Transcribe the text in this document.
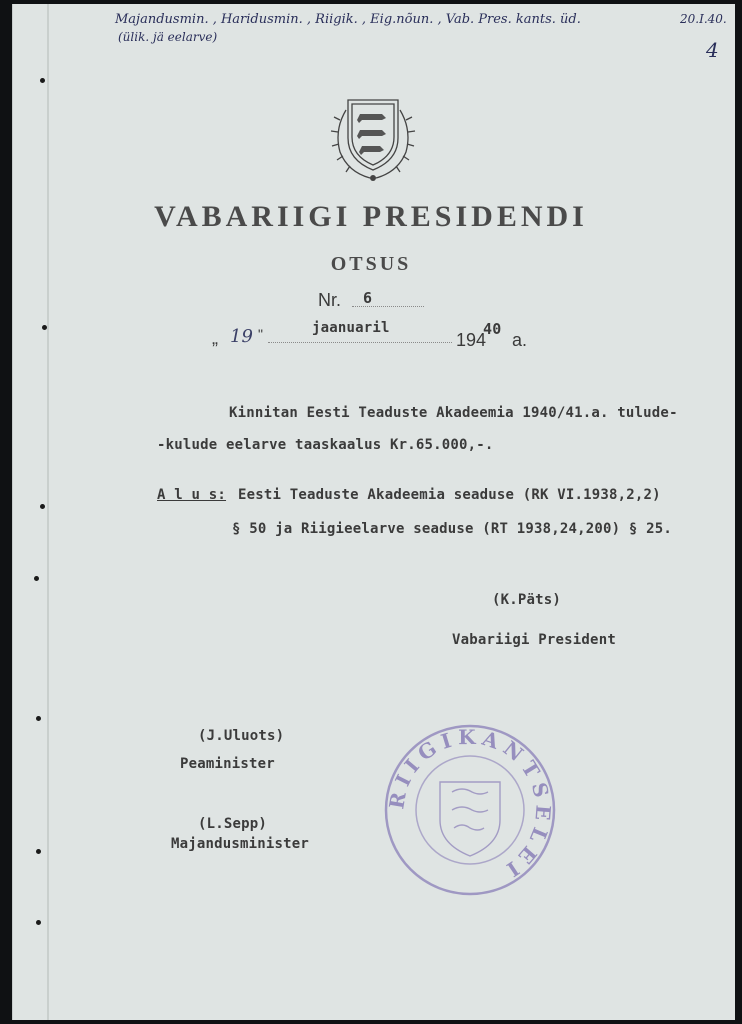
Majandusmin. , Haridusmin. , Riigik. , Eig.nõun. , Vab. Pres. kants. üd.
(ülik. jä eelarve)
20.I.40.
4
VABARIIGI PRESIDENDI
OTSUS
Nr. 6
„ 19 "	jaanuaril
194
40
a.
Kinnitan Eesti Teaduste Akadeemia 1940/41.a. tulude-
-kulude eelarve taaskaalus Kr.65.000,-.
A l u s: Eesti Teaduste Akadeemia seaduse (RK VI.1938,2,2)
§ 50 ja Riigieelarve seaduse (RT 1938,24,200) § 25.
(K.Päts)
Vabariigi President
(J.Uluots)
Peaminister
(L.Sepp)
Majandusminister
RIIGIKANTSELEI
